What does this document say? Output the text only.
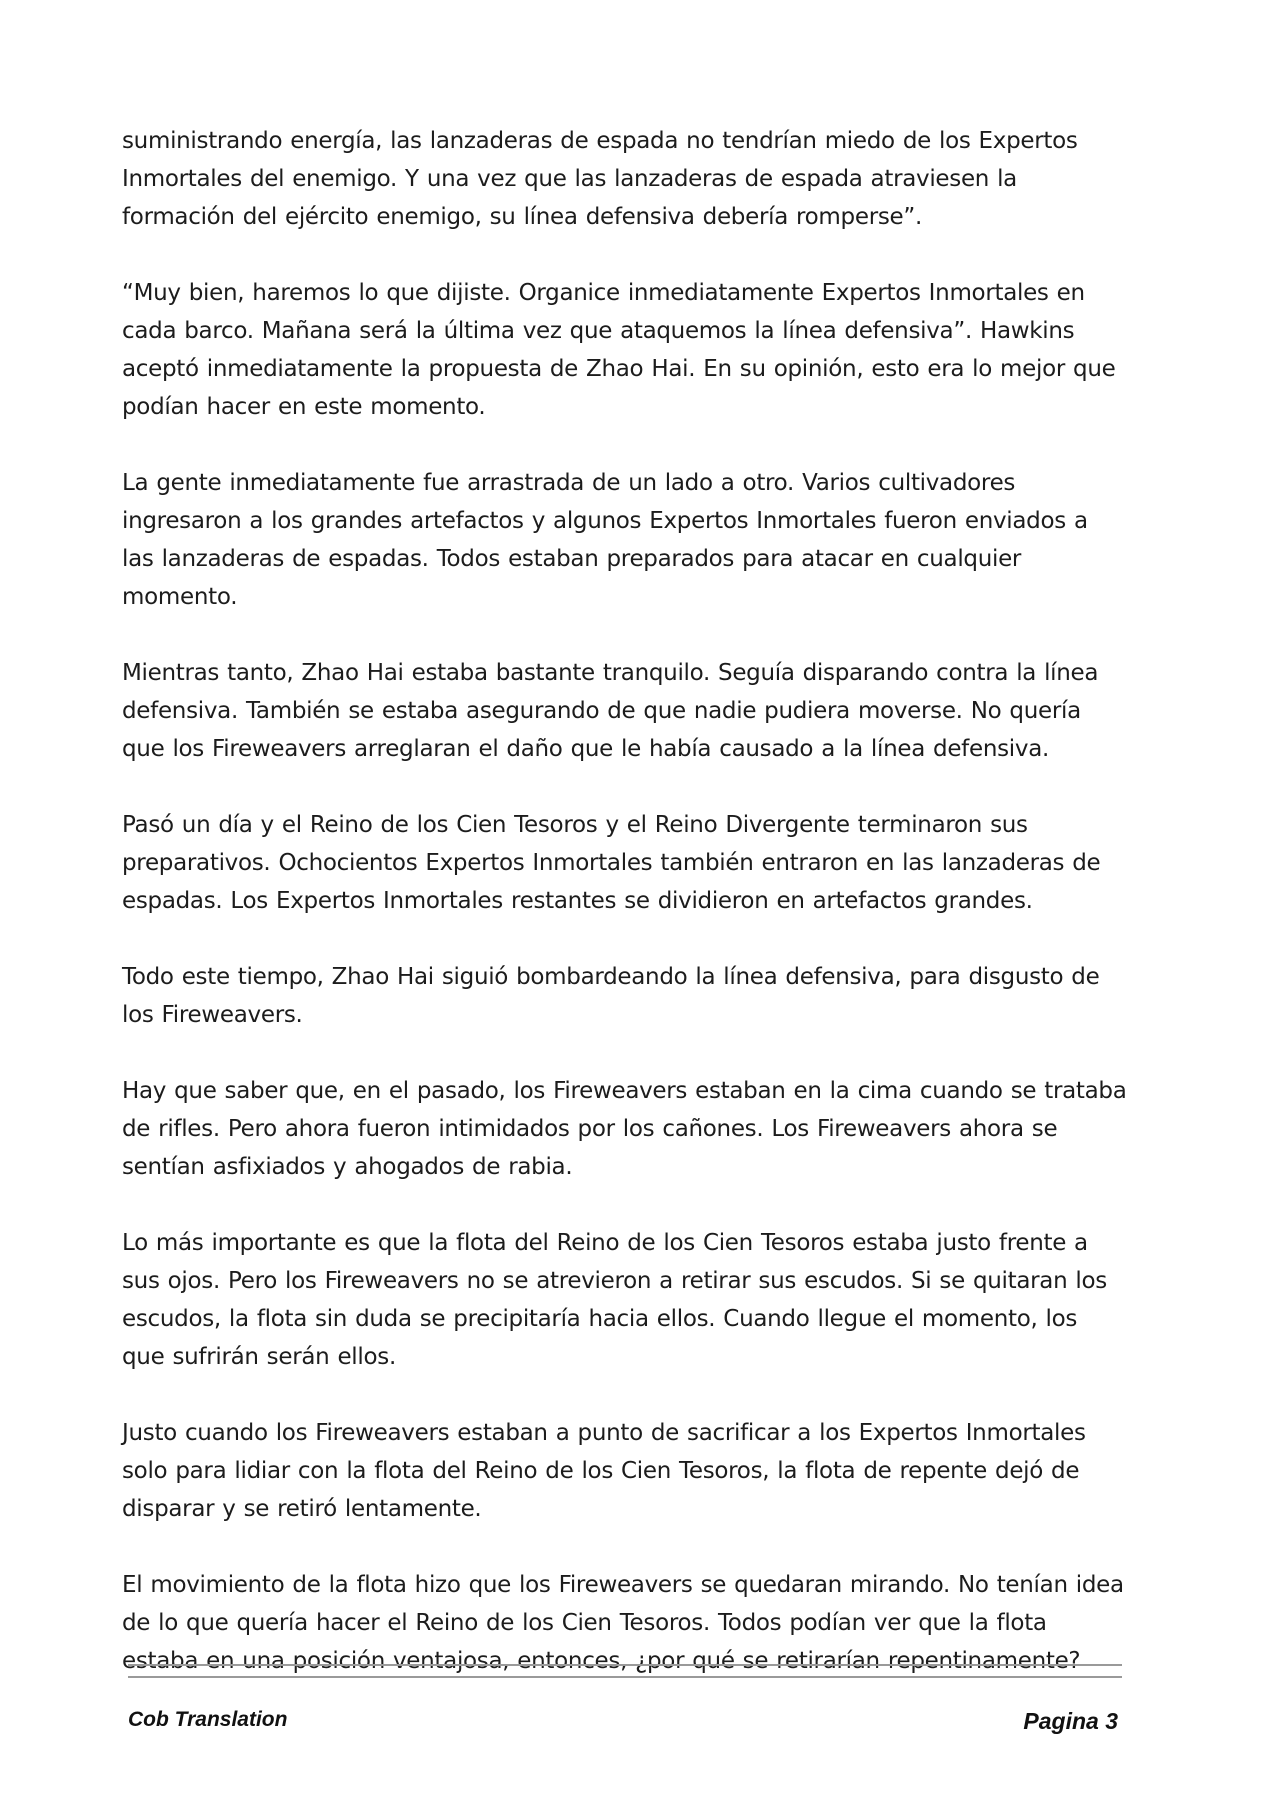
suministrando energía, las lanzaderas de espada no tendrían miedo de los Expertos Inmortales del enemigo. Y una vez que las lanzaderas de espada atraviesen la formación del ejército enemigo, su línea defensiva debería romperse”.

“Muy bien, haremos lo que dijiste. Organice inmediatamente Expertos Inmortales en cada barco. Mañana será la última vez que ataquemos la línea defensiva”. Hawkins aceptó inmediatamente la propuesta de Zhao Hai. En su opinión, esto era lo mejor que podían hacer en este momento.

La gente inmediatamente fue arrastrada de un lado a otro. Varios cultivadores ingresaron a los grandes artefactos y algunos Expertos Inmortales fueron enviados a las lanzaderas de espadas. Todos estaban preparados para atacar en cualquier momento.

Mientras tanto, Zhao Hai estaba bastante tranquilo. Seguía disparando contra la línea defensiva. También se estaba asegurando de que nadie pudiera moverse. No quería que los Fireweavers arreglaran el daño que le había causado a la línea defensiva.

Pasó un día y el Reino de los Cien Tesoros y el Reino Divergente terminaron sus preparativos. Ochocientos Expertos Inmortales también entraron en las lanzaderas de espadas. Los Expertos Inmortales restantes se dividieron en artefactos grandes.

Todo este tiempo, Zhao Hai siguió bombardeando la línea defensiva, para disgusto de los Fireweavers.

Hay que saber que, en el pasado, los Fireweavers estaban en la cima cuando se trataba de rifles. Pero ahora fueron intimidados por los cañones. Los Fireweavers ahora se sentían asfixiados y ahogados de rabia.

Lo más importante es que la flota del Reino de los Cien Tesoros estaba justo frente a sus ojos. Pero los Fireweavers no se atrevieron a retirar sus escudos. Si se quitaran los escudos, la flota sin duda se precipitaría hacia ellos. Cuando llegue el momento, los que sufrirán serán ellos.

Justo cuando los Fireweavers estaban a punto de sacrificar a los Expertos Inmortales solo para lidiar con la flota del Reino de los Cien Tesoros, la flota de repente dejó de disparar y se retiró lentamente.

El movimiento de la flota hizo que los Fireweavers se quedaran mirando. No tenían idea de lo que quería hacer el Reino de los Cien Tesoros. Todos podían ver que la flota estaba en una posición ventajosa, entonces, ¿por qué se retirarían repentinamente?

Cob Translation	Pagina 3
